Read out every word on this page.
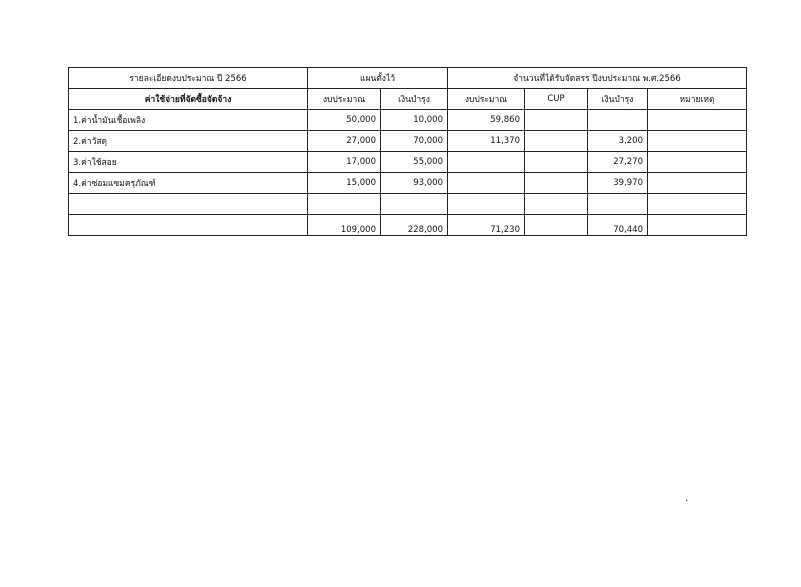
รายละเอียดงบประมาณ ปี 2566	แผนตั้งไว้		จำนวนที่ได้รับจัดสรร ปีงบประมาณ พ.ศ.2566			
ค่าใช้จ่ายที่จัดซื้อจัดจ้าง	งบประมาณ	เงินบำรุง	งบประมาณ	CUP	เงินบำรุง	หมายเหตุ
1.ค่าน้ำมันเชื้อเพลิง	50,000	10,000	59,860			
2.ค่าวัสดุ	27,000	70,000	11,370		3,200	
3.ค่าใช้สอย	17,000	55,000			27,270	
4.ค่าซ่อมแซมครุภัณฑ์	15,000	93,000			39,970	

	109,000	228,000	71,230		70,440	
.
